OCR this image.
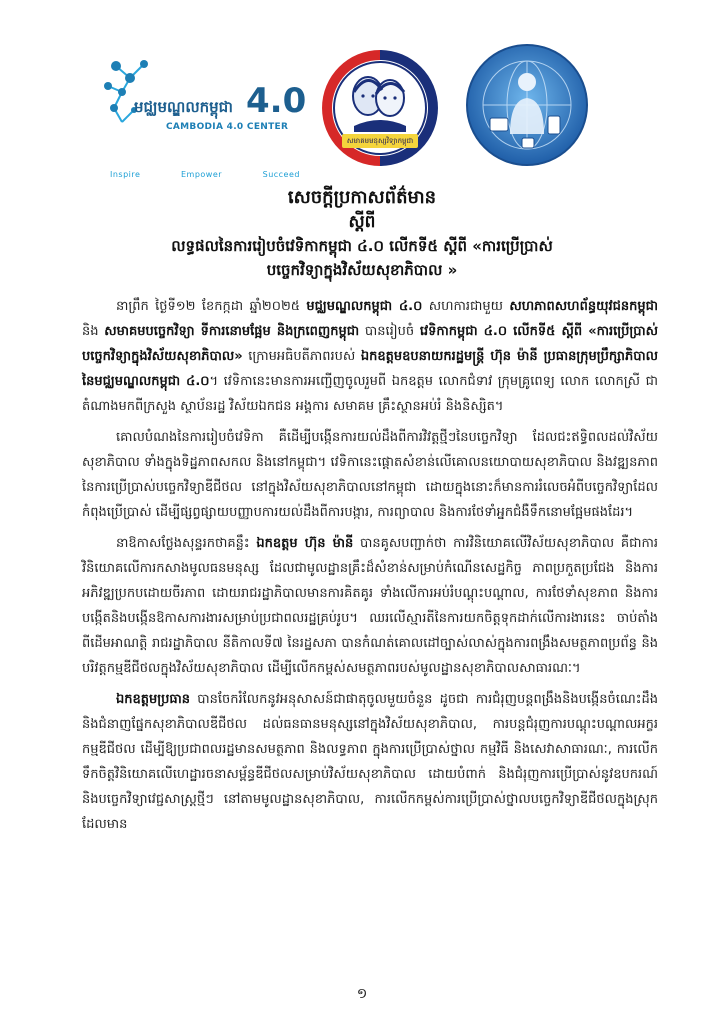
មជ្ឈមណ្ឌលកម្ពុជា 4.0
CAMBODIA 4.0 CENTER
Inspire	Empower	Succeed
សមាគមមនុស្សវិទ្យាកម្ពុជា
សេចក្តីប្រកាសព័ត៌មាន
ស្តីពី
លទ្ធផលនៃការរៀបចំវេទិកាកម្ពុជា ៤.០ លើកទី៥ ស្តីពី «ការប្រើប្រាស់
បច្ចេកវិទ្យាក្នុងវិស័យសុខាភិបាល »

នាព្រឹក ថ្ងៃទី១២ ខែកក្កដា ឆ្នាំ២០២៥ មជ្ឈមណ្ឌលកម្ពុជា ៤.០ សហការជាមួយ សហភាពសហព័ន្ធយុវជនកម្ពុជា និង សមាគមបច្ចេកវិទ្យា ទីការនោមផ្អែម និងក្រពេញកម្ពុជា បានរៀបចំ វេទិកាកម្ពុជា ៤.០ លើកទី៥ ស្តីពី «ការប្រើប្រាស់បច្ចេកវិទ្យាក្នុងវិស័យសុខាភិបាល» ក្រោមអធិបតីភាពរបស់ ឯកឧត្តមឧបនាយករដ្ឋមន្ត្រី ហ៊ុន ម៉ានី ប្រធានក្រុមប្រឹក្សាភិបាលនៃមជ្ឈមណ្ឌលកម្ពុជា ៤.០។ វេទិកានេះមានការអញ្ជើញចូលរួមពី ឯកឧត្តម លោកជំទាវ ក្រុមគ្រូពេទ្យ លោក លោកស្រី ជាតំណាងមកពីក្រសួង ស្ថាប័នរដ្ឋ វិស័យឯកជន អង្គការ សមាគម គ្រឹះស្ថានអប់រំ និងនិស្សិត។

គោលបំណងនៃការរៀបចំវេទិកា គឺដើម្បីបង្កើនការយល់ដឹងពីការវិវត្តថ្មីៗនៃបច្ចេកវិទ្យា ដែលជះឥទ្ធិពលដល់វិស័យសុខាភិបាល ទាំងក្នុងទិដ្ឋភាពសកល និងនៅកម្ពុជា។ វេទិកានេះផ្តោតសំខាន់លើគោលនយោបាយសុខាភិបាល និងវឌ្ឍនភាពនៃការប្រើប្រាស់បច្ចេកវិទ្យាឌីជីថល នៅក្នុងវិស័យសុខាភិបាលនៅកម្ពុជា ដោយក្នុងនោះក៏មានការរំលេចអំពីបច្ចេកវិទ្យាដែលកំពុងប្រើប្រាស់ ដើម្បីផ្សព្វផ្សាយបញ្ញាបការយល់ដឹងពីការបង្ការ, ការព្យាបាល និងការថែទាំអ្នកជំងឺទឹកនោមផ្អែមផងដែរ។

នាឱកាសថ្លែងសុន្ទរកថាគន្លឹះ ឯកឧត្តម ហ៊ុន ម៉ានី បានគូសបញ្ជាក់ថា ការវិនិយោគលើវិស័យសុខាភិបាល គឺជាការវិនិយោគលើការកសាងមូលធនមនុស្ស ដែលជាមូលដ្ឋានគ្រឹះដ៏សំខាន់សម្រាប់កំណើនសេដ្ឋកិច្ច ភាពប្រកួតប្រជែង និងការអភិវឌ្ឍប្រកបដោយចីរភាព ដោយរាជរដ្ឋាភិបាលមានការគិតគូរ ទាំងលើការអប់រំបណ្តុះបណ្តាល, ការថែទាំសុខភាព និងការបង្កើតនិងបង្កើនឱកាសការងារសម្រាប់ប្រជាពលរដ្ឋគ្រប់រូប។ ឈរលើស្មារតីនៃការយកចិត្តទុកដាក់លើការងារនេះ ចាប់តាំងពីដើមអាណត្តិ រាជរដ្ឋាភិបាល នីតិកាលទី៧ នៃរដ្ឋសភា បានកំណត់គោលដៅច្បាស់លាស់ក្នុងការពង្រឹងសមត្ថភាពប្រព័ន្ធ និងបរិវត្តកម្មឌីជីថលក្នុងវិស័យសុខាភិបាល ដើម្បីលើកកម្ពស់សមត្ថភាពរបស់មូលដ្ឋានសុខាភិបាលសាធារណៈ។

ឯកឧត្តមប្រធាន បានចែករំលែកនូវអនុសាសន៍ជាផាតុចូលមួយចំនួន ដូចជា ការជំរុញបន្តពង្រឹងនិងបង្កើនចំណេះដឹង និងជំនាញផ្នែកសុខាភិបាលឌីជីថល ដល់ធនធានមនុស្សនៅក្នុងវិស័យសុខាភិបាល, ការបន្តជំរុញការបណ្តុះបណ្តាលអក្ខរកម្មឌីជីថល ដើម្បីឱ្យប្រជាពលរដ្ឋមានសមត្ថភាព និងលទ្ធភាព ក្នុងការប្រើប្រាស់ថ្នាល កម្មវិធី និងសេវាសាធារណៈ, ការលើកទឹកចិត្តវិនិយោគលើហេដ្ឋារចនាសម្ព័ន្ធឌីជីថលសម្រាប់វិស័យសុខាភិបាល ដោយបំពាក់ និងជំរុញការប្រើប្រាស់នូវឧបករណ៍ និងបច្ចេកវិទ្យាវេជ្ជសាស្ត្រថ្មីៗ នៅតាមមូលដ្ឋានសុខាភិបាល, ការលើកកម្ពស់ការប្រើប្រាស់ថ្នាលបច្ចេកវិទ្យាឌីជីថលក្នុងស្រុក ដែលមាន

១
